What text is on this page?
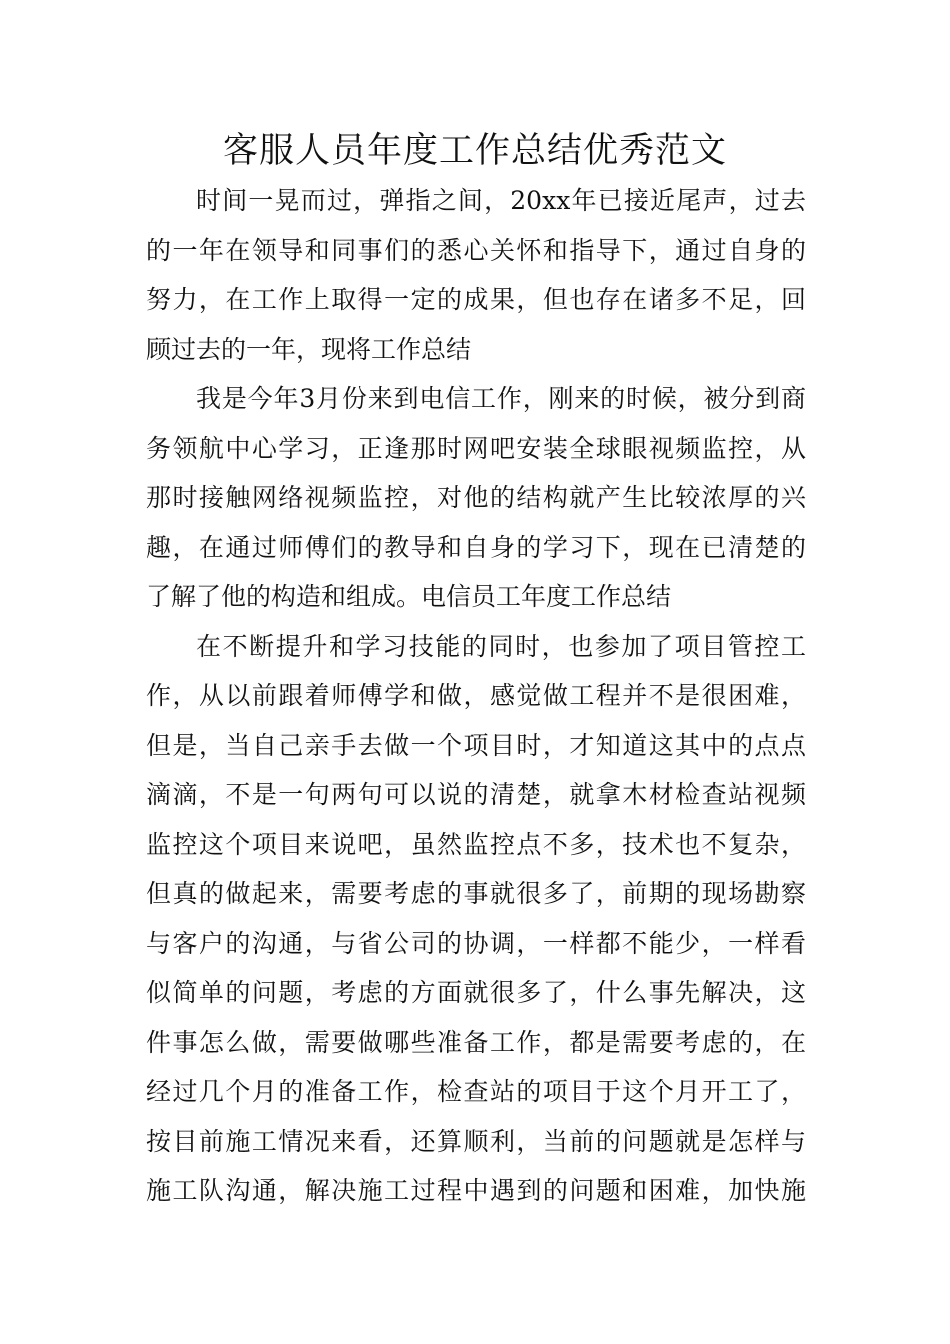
客服人员年度工作总结优秀范文
时间一晃而过，弹指之间，20xx年已接近尾声，过去
的一年在领导和同事们的悉心关怀和指导下，通过自身的
努力，在工作上取得一定的成果，但也存在诸多不足，回
顾过去的一年，现将工作总结
我是今年3月份来到电信工作，刚来的时候，被分到商
务领航中心学习，正逢那时网吧安装全球眼视频监控，从
那时接触网络视频监控，对他的结构就产生比较浓厚的兴
趣，在通过师傅们的教导和自身的学习下，现在已清楚的
了解了他的构造和组成。电信员工年度工作总结
在不断提升和学习技能的同时，也参加了项目管控工
作，从以前跟着师傅学和做，感觉做工程并不是很困难，
但是，当自己亲手去做一个项目时，才知道这其中的点点
滴滴，不是一句两句可以说的清楚，就拿木材检查站视频
监控这个项目来说吧，虽然监控点不多，技术也不复杂，
但真的做起来，需要考虑的事就很多了，前期的现场勘察
与客户的沟通，与省公司的协调，一样都不能少，一样看
似简单的问题，考虑的方面就很多了，什么事先解决，这
件事怎么做，需要做哪些准备工作，都是需要考虑的，在
经过几个月的准备工作，检查站的项目于这个月开工了，
按目前施工情况来看，还算顺利，当前的问题就是怎样与
施工队沟通，解决施工过程中遇到的问题和困难，加快施
